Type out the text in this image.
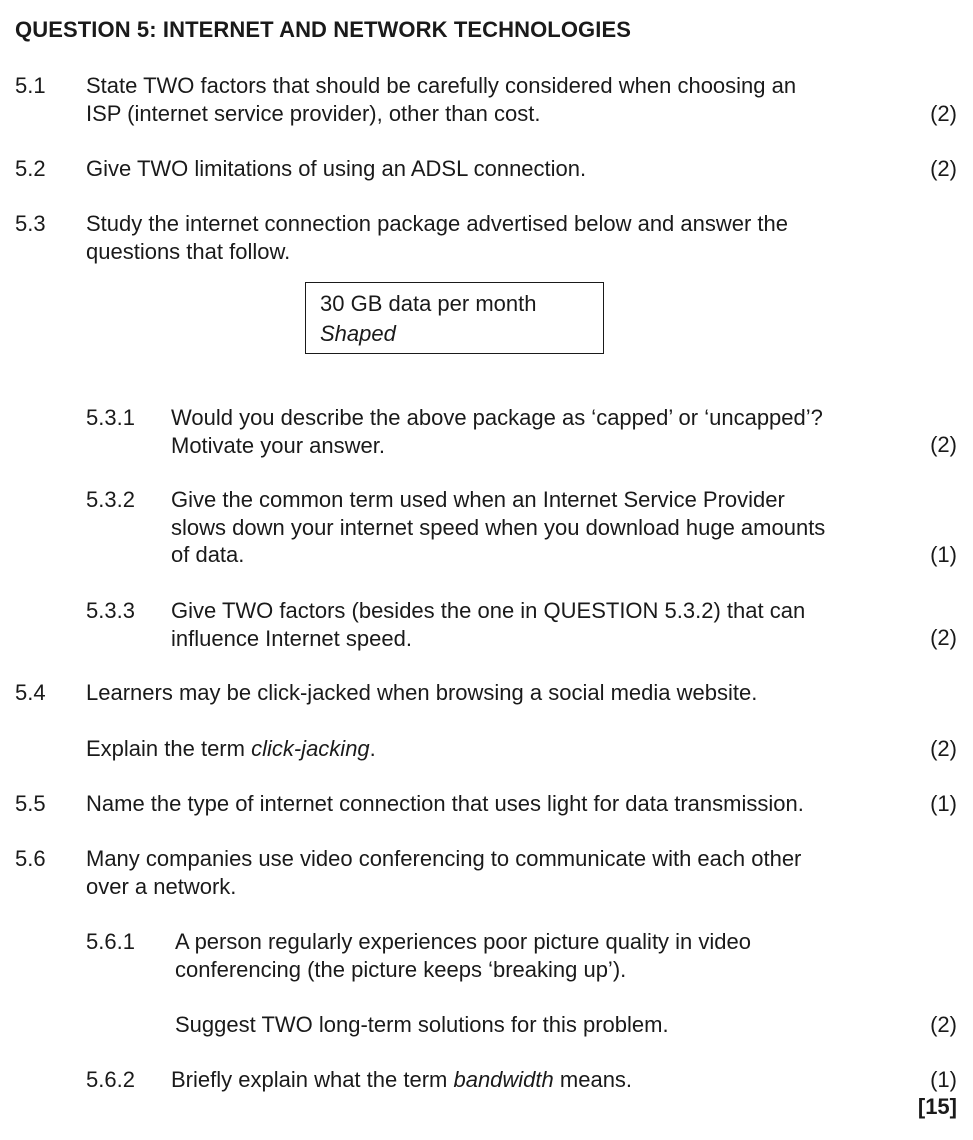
QUESTION 5: INTERNET AND NETWORK TECHNOLOGIES
5.1 State TWO factors that should be carefully considered when choosing an
ISP (internet service provider), other than cost.	(2)
5.2 Give TWO limitations of using an ADSL connection.	(2)
5.3 Study the internet connection package advertised below and answer the
questions that follow.
30 GB data per month
Shaped
5.3.1 Would you describe the above package as ‘capped’ or ‘uncapped’?
Motivate your answer.	(2)
5.3.2 Give the common term used when an Internet Service Provider
slows down your internet speed when you download huge amounts
of data.	(1)
5.3.3 Give TWO factors (besides the one in QUESTION 5.3.2) that can
influence Internet speed.	(2)
5.4 Learners may be click-jacked when browsing a social media website.
Explain the term click-jacking.	(2)
5.5 Name the type of internet connection that uses light for data transmission.	(1)
5.6 Many companies use video conferencing to communicate with each other
over a network.
5.6.1 A person regularly experiences poor picture quality in video
conferencing (the picture keeps ‘breaking up’).
Suggest TWO long-term solutions for this problem.	(2)
5.6.2 Briefly explain what the term bandwidth means.	(1)
[15]
